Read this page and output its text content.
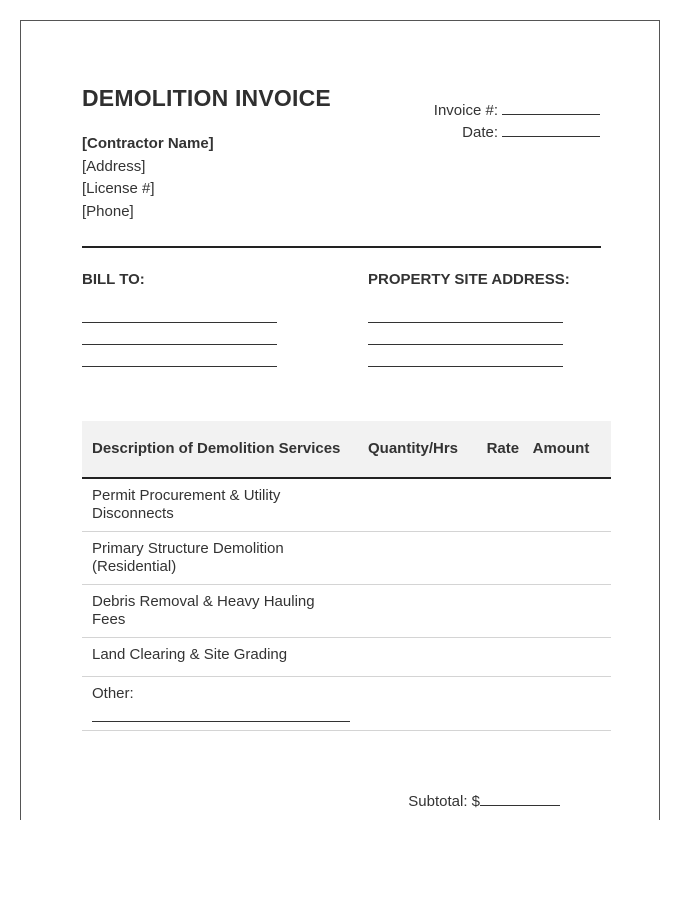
DEMOLITION INVOICE	Invoice #:
Date:
[Contractor Name]
[Address]
[License #]
[Phone]
BILL TO:	PROPERTY SITE ADDRESS:
Description of Demolition Services	Quantity/Hrs	Rate	Amount
Permit Procurement & Utility Disconnects			
Primary Structure Demolition (Residential)			
Debris Removal & Heavy Hauling Fees			
Land Clearing & Site Grading			
Other:

Subtotal: $
